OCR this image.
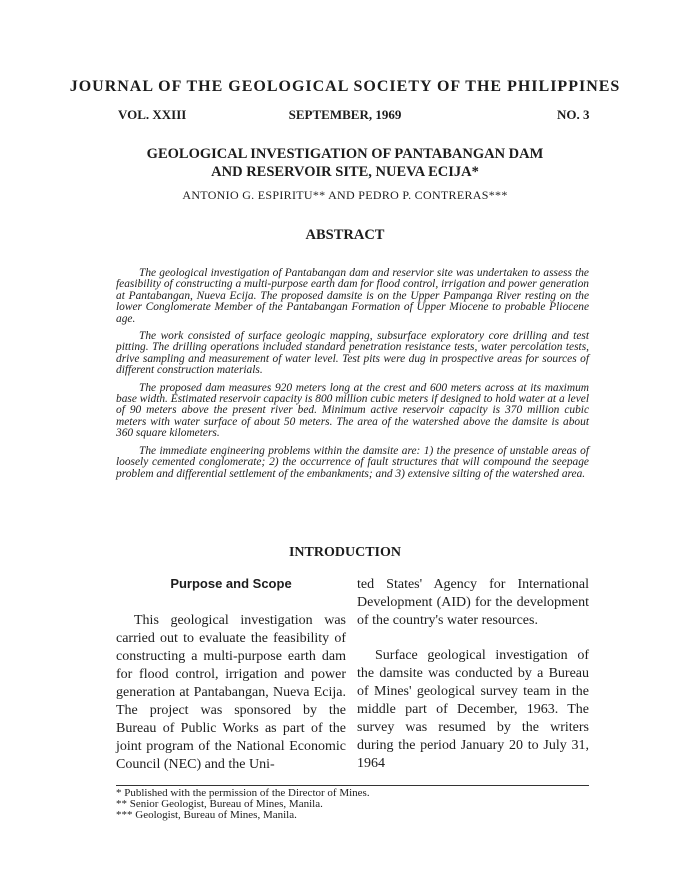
JOURNAL OF THE GEOLOGICAL SOCIETY OF THE PHILIPPINES
VOL. XXIII	SEPTEMBER, 1969	NO. 3
GEOLOGICAL INVESTIGATION OF PANTABANGAN DAM
AND RESERVOIR SITE, NUEVA ECIJA*
ANTONIO G. ESPIRITU** AND PEDRO P. CONTRERAS***
ABSTRACT

The geological investigation of Pantabangan dam and reservior site was undertaken to assess the feasibility of constructing a multi-purpose earth dam for flood control, irrigation and power generation at Pantabangan, Nueva Ecija. The proposed damsite is on the Upper Pampanga River resting on the lower Conglomerate Member of the Pantabangan Formation of Upper Miocene to probable Pliocene age.

The work consisted of surface geologic mapping, subsurface exploratory core drilling and test pitting. The drilling operations included standard penetration resistance tests, water percolation tests, drive sampling and measurement of water level. Test pits were dug in prospective areas for sources of different construction materials.

The proposed dam measures 920 meters long at the crest and 600 meters across at its maximum base width. Estimated reservoir capacity is 800 million cubic meters if designed to hold water at a level of 90 meters above the present river bed. Minimum active reservoir capacity is 370 million cubic meters with water surface of about 50 meters. The area of the watershed above the damsite is about 360 square kilometers.

The immediate engineering problems within the damsite are: 1) the presence of unstable areas of loosely cemented conglomerate; 2) the occurrence of fault structures that will compound the seepage problem and differential settlement of the embankments; and 3) extensive silting of the watershed area.

INTRODUCTION
Purpose and Scope

This geological investigation was carried out to evaluate the feasibility of constructing a multi-purpose earth dam for flood control, irrigation and power generation at Pantabangan, Nueva Ecija. The project was sponsored by the Bureau of Public Works as part of the joint program of the National Economic Council (NEC) and the Uni-

ted States' Agency for International Development (AID) for the development of the country's water resources.

Surface geological investigation of the damsite was conducted by a Bureau of Mines' geological survey team in the middle part of December, 1963. The survey was resumed by the writers during the period January 20 to July 31, 1964

* Published with the permission of the Director of Mines.
** Senior Geologist, Bureau of Mines, Manila.
*** Geologist, Bureau of Mines, Manila.
